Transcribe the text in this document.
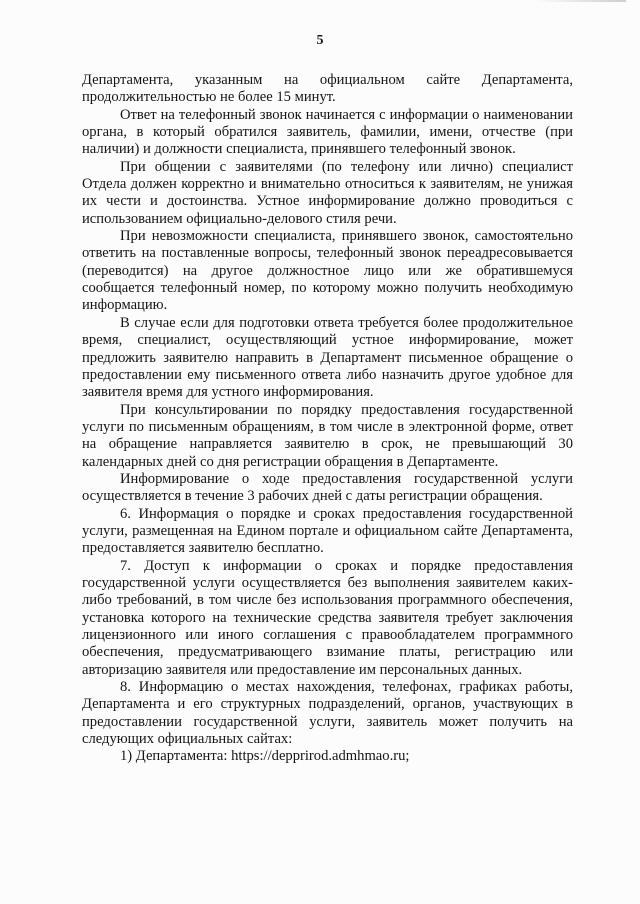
5

Департамента, указанным на официальном сайте Департамента, продолжительностью не более 15 минут.

Ответ на телефонный звонок начинается с информации о наименовании органа, в который обратился заявитель, фамилии, имени, отчестве (при наличии) и должности специалиста, принявшего телефонный звонок.

При общении с заявителями (по телефону или лично) специалист Отдела должен корректно и внимательно относиться к заявителям, не унижая их чести и достоинства. Устное информирование должно проводиться с использованием официально-делового стиля речи.

При невозможности специалиста, принявшего звонок, самостоятельно ответить на поставленные вопросы, телефонный звонок переадресовывается (переводится) на другое должностное лицо или же обратившемуся сообщается телефонный номер, по которому можно получить необходимую информацию.

В случае если для подготовки ответа требуется более продолжительное время, специалист, осуществляющий устное информирование, может предложить заявителю направить в Департамент письменное обращение о предоставлении ему письменного ответа либо назначить другое удобное для заявителя время для устного информирования.

При консультировании по порядку предоставления государственной услуги по письменным обращениям, в том числе в электронной форме, ответ на обращение направляется заявителю в срок, не превышающий 30 календарных дней со дня регистрации обращения в Департаменте.

Информирование о ходе предоставления государственной услуги осуществляется в течение 3 рабочих дней с даты регистрации обращения.

6. Информация о порядке и сроках предоставления государственной услуги, размещенная на Едином портале и официальном сайте Департамента, предоставляется заявителю бесплатно.

7. Доступ к информации о сроках и порядке предоставления государственной услуги осуществляется без выполнения заявителем каких-либо требований, в том числе без использования программного обеспечения, установка которого на технические средства заявителя требует заключения лицензионного или иного соглашения с правообладателем программного обеспечения, предусматривающего взимание платы, регистрацию или авторизацию заявителя или предоставление им персональных данных.

8. Информацию о местах нахождения, телефонах, графиках работы, Департамента и его структурных подразделений, органов, участвующих в предоставлении государственной услуги, заявитель может получить на следующих официальных сайтах:

1) Департамента: https://depprirod.admhmao.ru;
